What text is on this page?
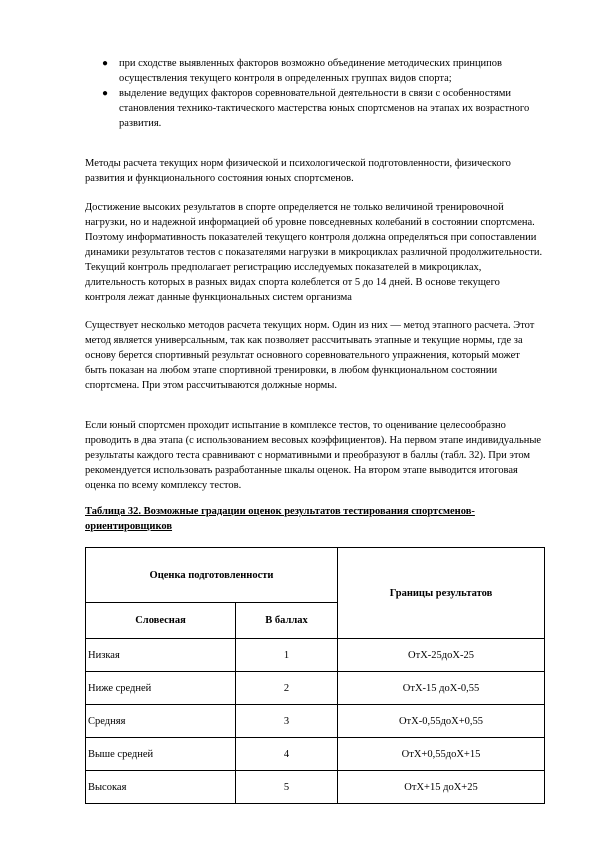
● при сходстве выявленных факторов возможно объединение методических принципов осуществления текущего контроля в определенных группах видов спорта;
● выделение ведущих факторов соревновательной деятельности в связи с особенностями становления технико-тактического мастерства юных спортсменов на этапах их возрастного развития.

Методы расчета текущих норм физической и психологической подготовленности, физического развития и функционального состояния юных спортсменов.

Достижение высоких результатов в спорте определяется не только величиной тренировочной нагрузки, но и надежной информацией об уровне повседневных колебаний в состоянии спортсмена. Поэтому информативность показателей текущего контроля должна определяться при сопоставлении динамики результатов тестов с показателями нагрузки в микроциклах различной продолжительности. Текущий контроль предполагает регистрацию исследуемых показателей в микроциклах, длительность которых в разных видах спорта колеблется от 5 до 14 дней. В основе текущего контроля лежат данные функциональных систем организма

Существует несколько методов расчета текущих норм. Один из них — метод этапного расчета. Этот метод является универсальным, так как позволяет рассчитывать этапные и текущие нормы, где за основу берется спортивный результат основного соревновательного упражнения, который может быть показан на любом этапе спортивной тренировки, в любом функциональном состоянии спортсмена. При этом рассчитываются должные нормы.

Если юный спортсмен проходит испытание в комплексе тестов, то оценивание целесообразно проводить в два этапа (с использованием весовых коэффициентов). На первом этапе индивидуальные результаты каждого теста сравнивают с нормативными и преобразуют в баллы (табл. 32). При этом рекомендуется использовать разработанные шкалы оценок. На втором этапе выводится итоговая оценка по всему комплексу тестов.

Таблица 32. Возможные градации оценок результатов тестирования спортсменов-ориентировщиков

Оценка подготовленности		Границы результатов
Словесная	В баллах	
Низкая	1	ОтХ-25доХ-25
Ниже средней	2	ОтХ-15 доХ-0,55
Средняя	3	ОтХ-0,55доХ+0,55
Выше средней	4	ОтХ+0,55доХ+15
Высокая	5	ОтХ+15 доХ+25
